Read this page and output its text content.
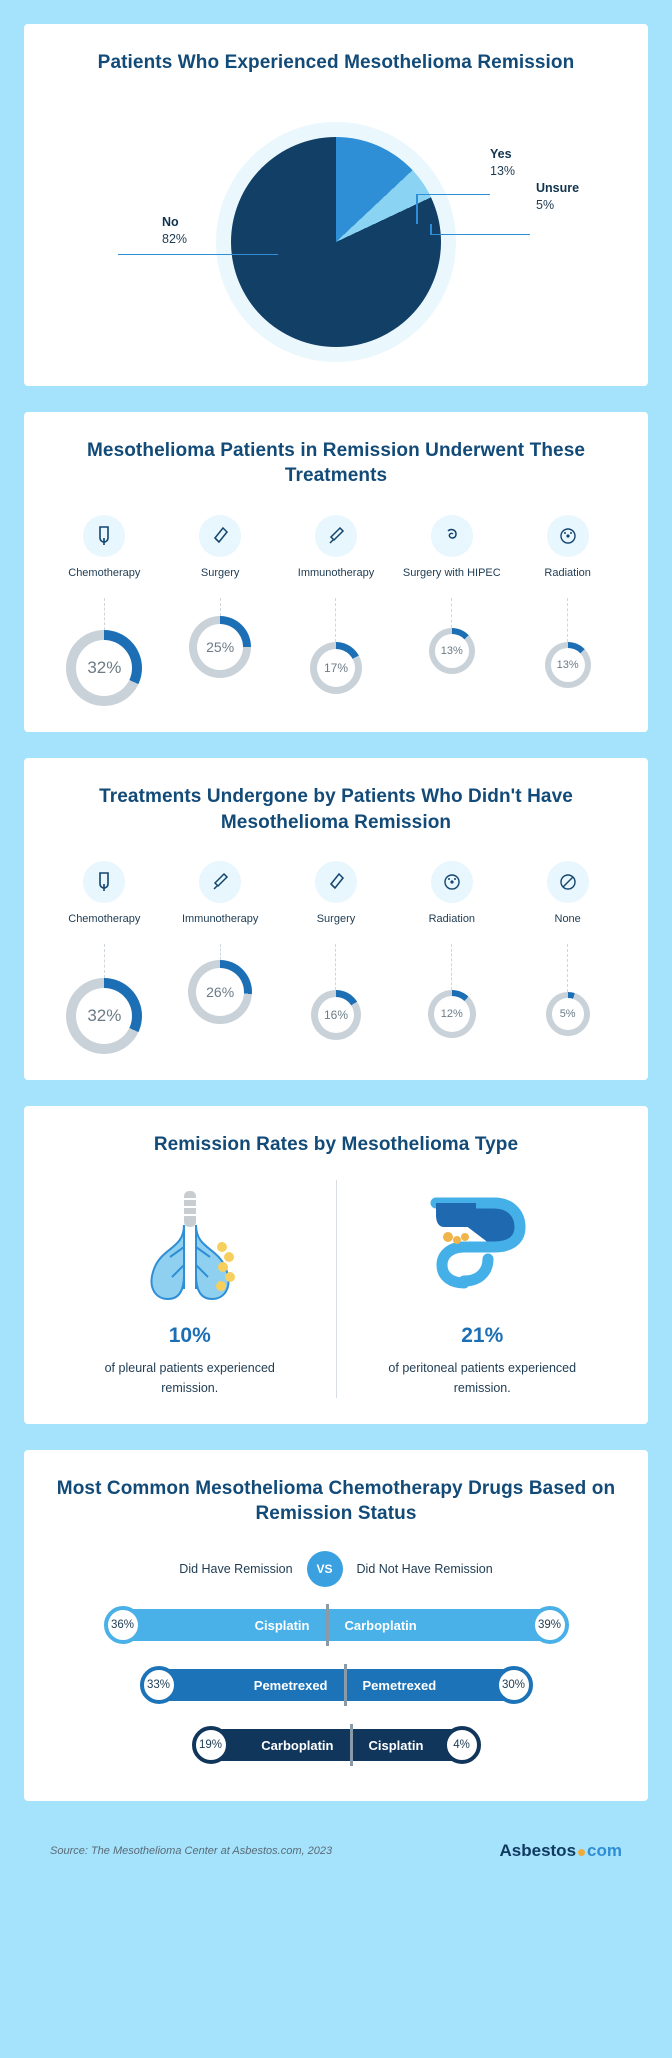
Patients Who Experienced Mesothelioma Remission
Yes
13%
Unsure
5%
No
82%
Mesothelioma Patients in Remission Underwent These Treatments
Chemotherapy
32%
Surgery
25%
Immunotherapy
17%
Surgery with HIPEC
13%
Radiation
13%
Treatments Undergone by Patients Who Didn't Have Mesothelioma Remission
Chemotherapy
32%
Immunotherapy
26%
Surgery
16%
Radiation
12%
None
5%
Remission Rates by Mesothelioma Type
10%
of pleural patients experienced remission.
21%
of peritoneal patients experienced remission.
Most Common Mesothelioma Chemotherapy Drugs Based on Remission Status
Did Have Remission	VS	Did Not Have Remission
36%	Cisplatin	Carboplatin	39%
33%	Pemetrexed	Pemetrexed	30%
19%	Carboplatin	Cisplatin	4%
Source: The Mesothelioma Center at Asbestos.com, 2023	Asbestos com
